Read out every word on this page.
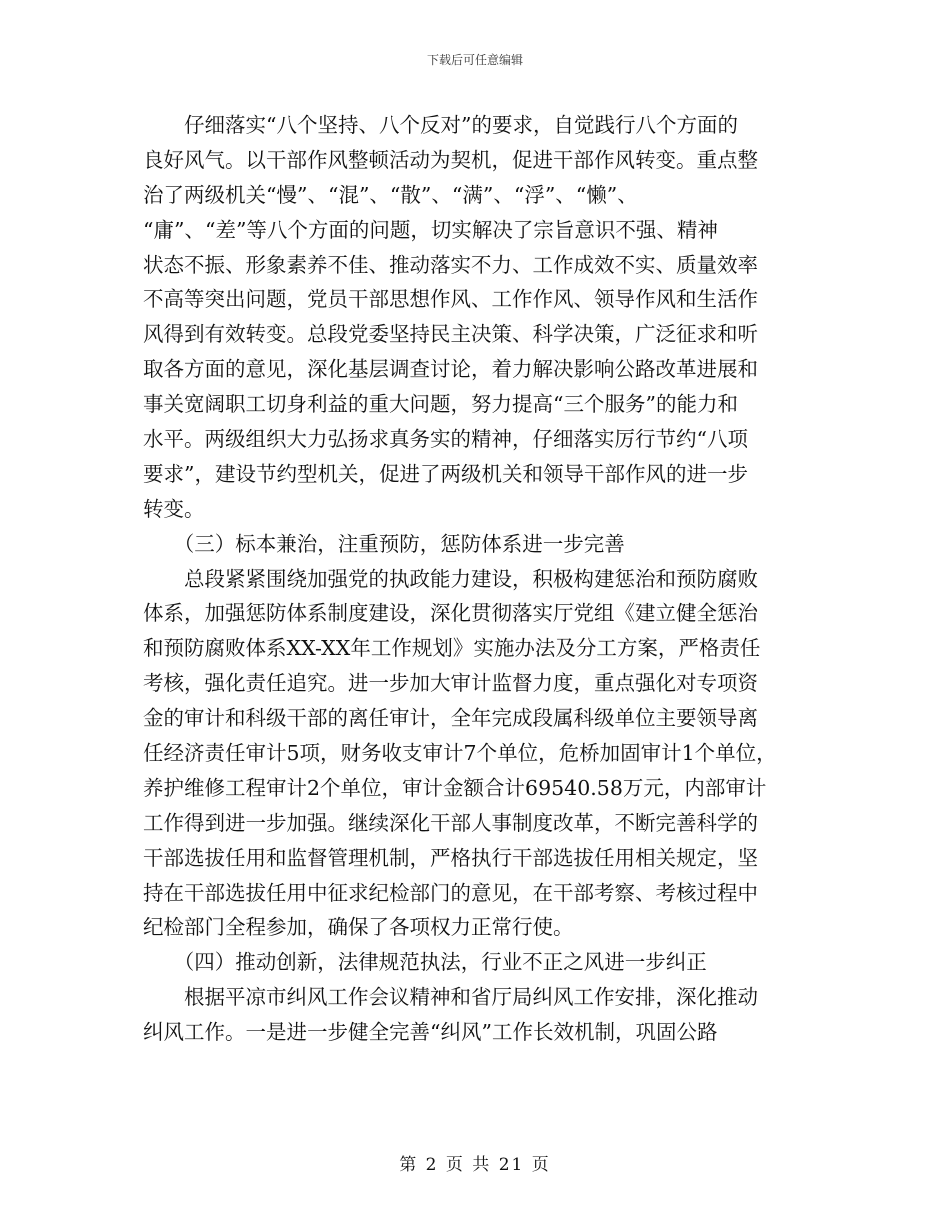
下载后可任意编辑
　　仔细落实“八个坚持、八个反对”的要求，自觉践行八个方面的
良好风气。以干部作风整顿活动为契机，促进干部作风转变。重点整
治了两级机关“慢”、“混”、“散”、“满”、“浮”、“懒”、
“庸”、“差”等八个方面的问题，切实解决了宗旨意识不强、精神
状态不振、形象素养不佳、推动落实不力、工作成效不实、质量效率
不高等突出问题，党员干部思想作风、工作作风、领导作风和生活作
风得到有效转变。总段党委坚持民主决策、科学决策，广泛征求和听
取各方面的意见，深化基层调查讨论，着力解决影响公路改革进展和
事关宽阔职工切身利益的重大问题，努力提高“三个服务”的能力和
水平。两级组织大力弘扬求真务实的精神，仔细落实厉行节约“八项
要求”，建设节约型机关，促进了两级机关和领导干部作风的进一步
转变。
　　（三）标本兼治，注重预防，惩防体系进一步完善
　　总段紧紧围绕加强党的执政能力建设，积极构建惩治和预防腐败
体系，加强惩防体系制度建设，深化贯彻落实厅党组《建立健全惩治
和预防腐败体系XX-XX年工作规划》实施办法及分工方案，严格责任
考核，强化责任追究。进一步加大审计监督力度，重点强化对专项资
金的审计和科级干部的离任审计，全年完成段属科级单位主要领导离
任经济责任审计5项，财务收支审计7个单位，危桥加固审计1个单位，
养护维修工程审计2个单位，审计金额合计69540.58万元，内部审计
工作得到进一步加强。继续深化干部人事制度改革，不断完善科学的
干部选拔任用和监督管理机制，严格执行干部选拔任用相关规定，坚
持在干部选拔任用中征求纪检部门的意见，在干部考察、考核过程中
纪检部门全程参加，确保了各项权力正常行使。
　　（四）推动创新，法律规范执法，行业不正之风进一步纠正
　　根据平凉市纠风工作会议精神和省厅局纠风工作安排，深化推动
纠风工作。一是进一步健全完善“纠风”工作长效机制，巩固公路
第 2 页 共 21 页
